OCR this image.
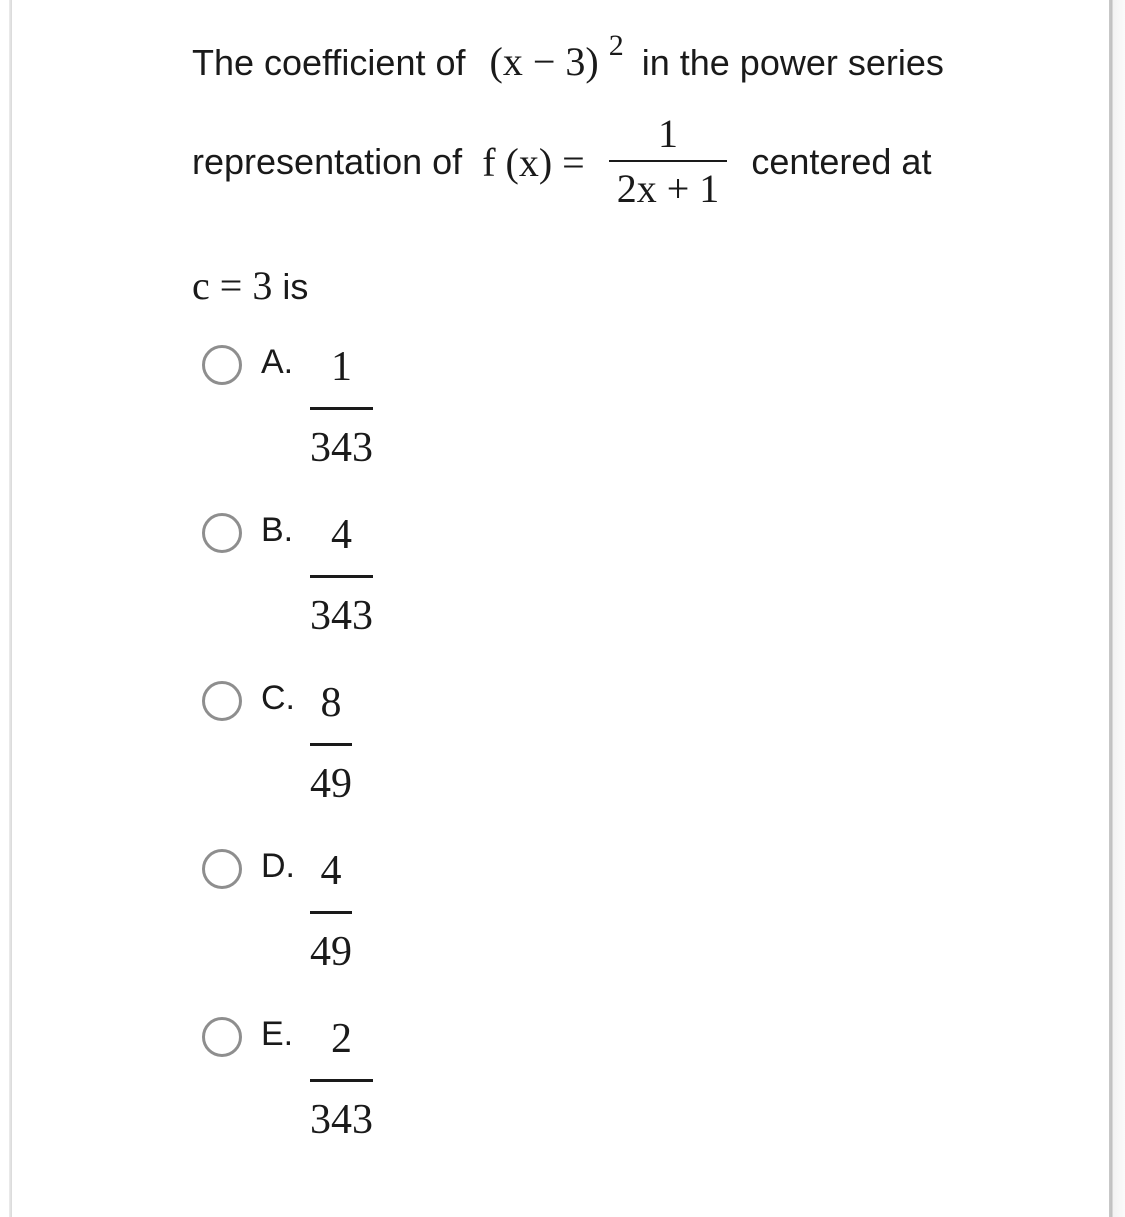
The coefficient of (x − 3) $^2$ in the power series
representation of f $(x) = \frac{1}{2x + 1}$ centered at
c = 3 is
A. 1
343
B. 4
343
C. 8
49
D. 4
49
E. 2
343
